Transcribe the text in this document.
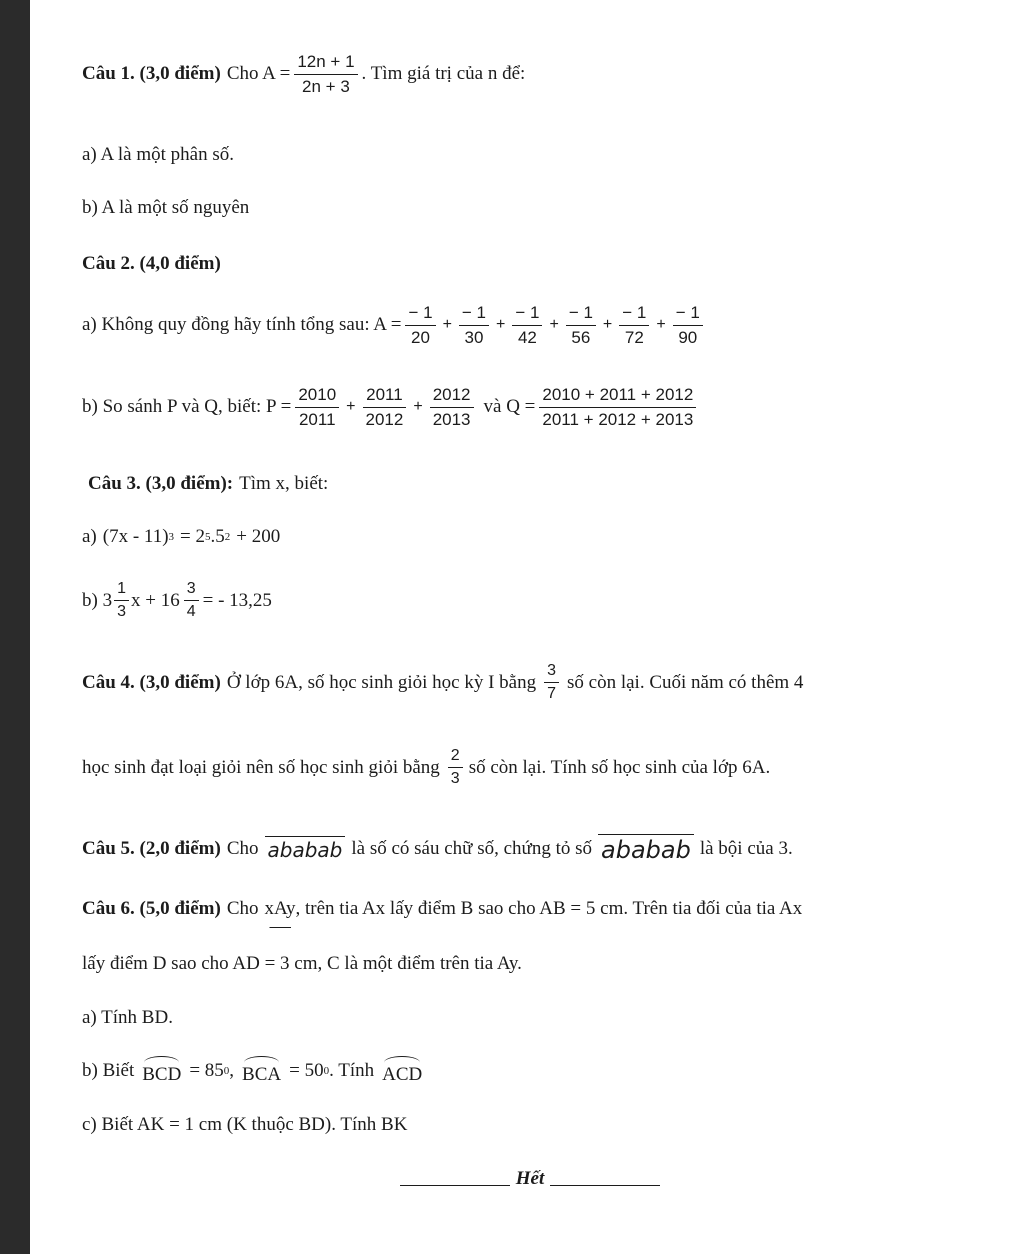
Câu 1. (3,0 điểm) Cho $A = \frac{12n + 1}{2n + 3}$ . Tìm giá trị của n để:
a) A là một phân số.
b) A là một số nguyên
Câu 2. (4,0 điểm)
a) Không quy đồng hãy tính tổng sau: $A = \frac{- 1}{20} + \frac{- 1}{30} + \frac{- 1}{42} + \frac{- 1}{56} + \frac{- 1}{72} + \frac{- 1}{90}$
b) So sánh P và Q, biết: $P = \frac{2010}{2011} + \frac{2011}{2012} + \frac{2012}{2013}$ và $Q = \frac{2010 + 2011 + 2012}{2011 + 2012 + 2013}$
Câu 3. (3,0 điểm): Tìm x, biết:
a) (7x - 11) 3 = 2 5 .5 2 + 200
b) $3 \frac{1}{3}$ $x + 16 \frac{3}{4}$ = - 13,25
Câu 4. (3,0 điểm) Ở lớp 6A, số học sinh giỏi học kỳ I bằng $\frac{3}{7}$ số còn lại. Cuối năm có thêm 4
học sinh đạt loại giỏi nên số học sinh giỏi bằng $\frac{2}{3}$ số còn lại. Tính số học sinh của lớp 6A.
Câu 5. (2,0 điểm) Cho ababab là số có sáu chữ số, chứng tỏ số ababab là bội của 3.
Câu 6. (5,0 điểm) Cho xAy , trên tia Ax lấy điểm B sao cho AB = 5 cm. Trên tia đối của tia Ax
lấy điểm D sao cho AD = 3 cm, C là một điểm trên tia Ay.
a) Tính BD.
b) Biết BCD = 85 0 , BCA = 50 0 . Tính ACD
c) Biết AK = 1 cm (K thuộc BD). Tính BK
Hết
